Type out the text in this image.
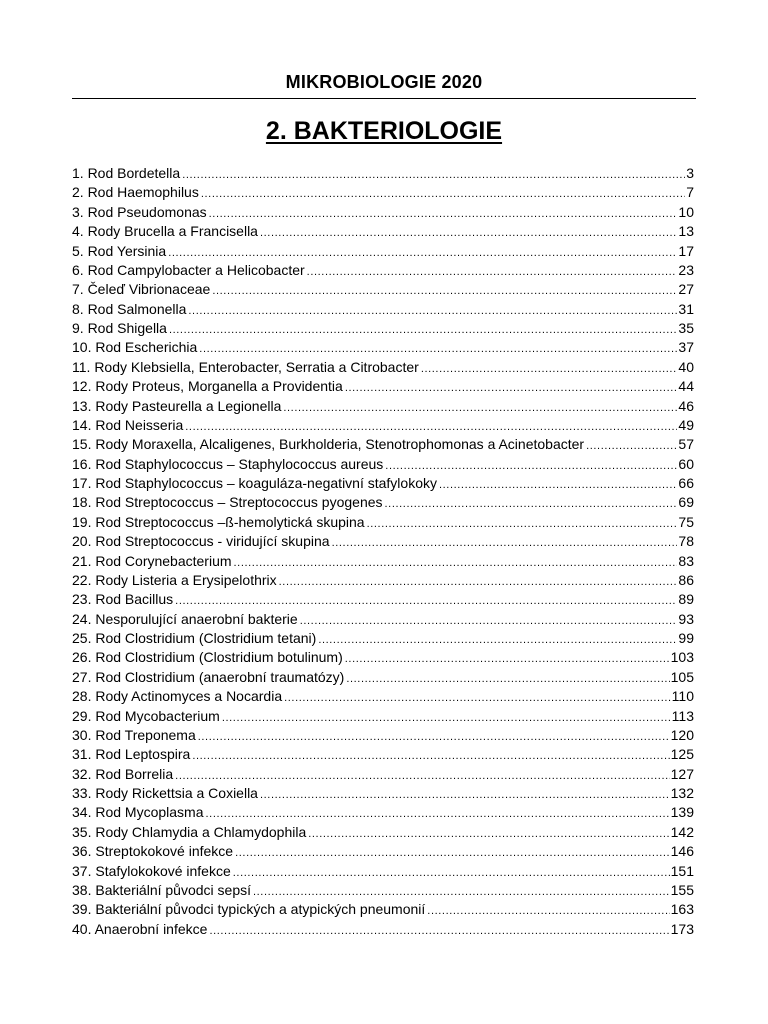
MIKROBIOLOGIE 2020
2. BAKTERIOLOGIE
1. Rod Bordetella .....	3
2. Rod Haemophilus .....	7
3. Rod Pseudomonas .....	10
4. Rody Brucella a Francisella .....	13
5. Rod Yersinia .....	17
6. Rod Campylobacter a Helicobacter .....	23
7. Čeleď Vibrionaceae .....	27
8. Rod Salmonella .....	31
9. Rod Shigella .....	35
10. Rod Escherichia .....	37
11. Rody Klebsiella, Enterobacter, Serratia a Citrobacter .....	40
12. Rody Proteus, Morganella a Providentia .....	44
13. Rody Pasteurella a Legionella .....	46
14. Rod Neisseria .....	49
15. Rody Moraxella, Alcaligenes, Burkholderia, Stenotrophomonas a Acinetobacter .....	57
16. Rod Staphylococcus – Staphylococcus aureus .....	60
17. Rod Staphylococcus – koaguláza-negativní stafylokoky .....	66
18. Rod Streptococcus – Streptococcus pyogenes .....	69
19. Rod Streptococcus –ß-hemolytická skupina .....	75
20. Rod Streptococcus - viridující skupina .....	78
21. Rod Corynebacterium .....	83
22. Rody Listeria a Erysipelothrix .....	86
23. Rod Bacillus .....	89
24. Nesporulující anaerobní bakterie .....	93
25. Rod Clostridium (Clostridium tetani) .....	99
26. Rod Clostridium (Clostridium botulinum) .....	103
27. Rod Clostridium (anaerobní traumatózy) .....	105
28. Rody Actinomyces a Nocardia .....	110
29. Rod Mycobacterium .....	113
30. Rod Treponema .....	120
31. Rod Leptospira .....	125
32. Rod Borrelia .....	127
33. Rody Rickettsia a Coxiella .....	132
34. Rod Mycoplasma .....	139
35. Rody Chlamydia a Chlamydophila .....	142
36. Streptokokové infekce .....	146
37. Stafylokokové infekce .....	151
38. Bakteriální původci sepsí .....	155
39. Bakteriální původci typických a atypických pneumonií .....	163
40. Anaerobní infekce .....	173
